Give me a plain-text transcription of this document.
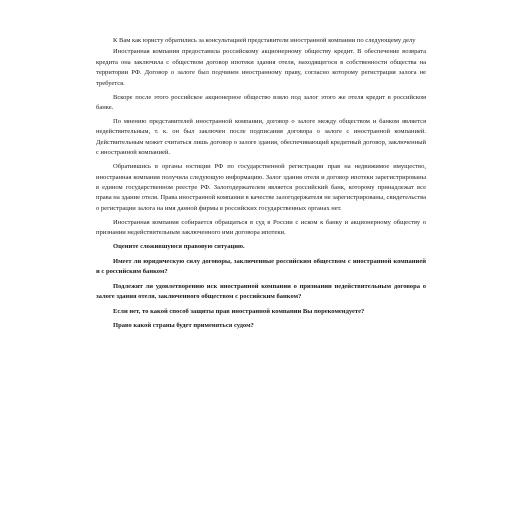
К Вам как юристу обратились за консультацией представители иностранной компании по следующему делу

Иностранная компания предоставила российскому акционерному обществу кредит. В обеспечение возврата кредита она заключила с обществом договор ипотеки здания отеля, находящегося в собственности общества на территории РФ. Договор о залоге был подчинен иностранному праву, согласно которому регистрация залога не требуется.

Вскоре после этого российское акционерное общество взяло под залог этого же отеля кредит в российском банке.

По мнению представителей иностранной компании, договор о залоге между обществом и банком является недействительным, т. к. он был заключен после подписания договора о залоге с иностранной компанией. Действительным может считаться лишь договор о залоге здания, обеспечивающий кредитный договор, заключенный с иностранной компанией.

Обратившись в органы юстиции РФ по государственной регистрации прав на недвижимое имущество, иностранная компания получила следующую информацию. Залог здания отеля и договор ипотеки зарегистрированы в едином государственном реестре РФ. Залогодержателем является российский банк, которому принадлежат все права на здание отеля. Права иностранной компании в качестве залогодержателя не зарегистрированы, свидетельства о регистрации залога на имя данной фирмы в российских государственных органах нет.

Иностранная компания собирается обращаться в суд в России с иском к банку и акционерному обществу о признании недействительным заключенного ими договора ипотеки.

Оцените сложившуюся правовую ситуацию.

Имеет ли юридическую силу договоры, заключенные российским обществом с иностранной компанией и с российским банком?

Подлежит ли удовлетворению иск иностранной компании о признании недействительным договора о залоге здания отеля, заключенного обществом с российским банком?

Если нет, то какой способ защиты прав иностранной компании Вы порекомендуете?

Право какой страны будет применяться судом?
